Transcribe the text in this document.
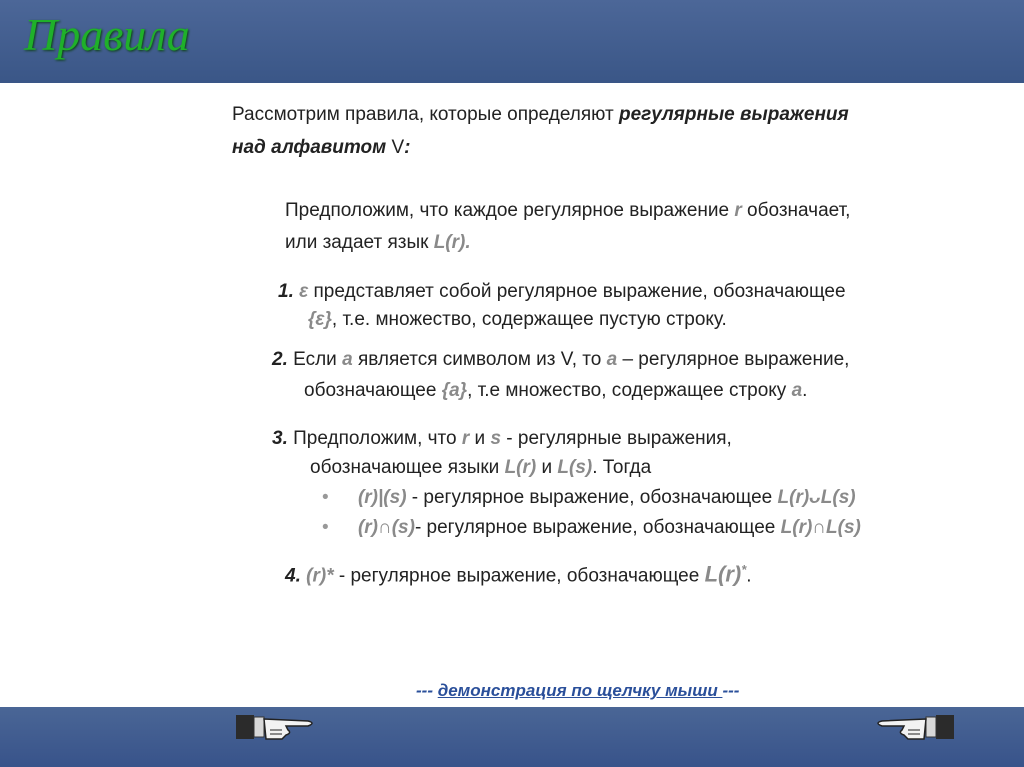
Правила
Рассмотрим правила, которые определяют регулярные выражения
над алфавитом V:
Предположим, что каждое регулярное выражение r обозначает,
или задает язык L(r).
1. ε представляет собой регулярное выражение, обозначающее
{ε}, т.е. множество, содержащее пустую строку.
2. Если a является символом из V, то a – регулярное выражение,
обозначающее {a}, т.е множество, содержащее строку a.
3. Предположим, что r и s - регулярные выражения,
обозначающее языки L(r) и L(s). Тогда
• (r)|(s) - регулярное выражение, обозначающее L(r)ᴗL(s)
• (r)∩(s)- регулярное выражение, обозначающее L(r)∩L(s)
4. (r)* - регулярное выражение, обозначающее L(r)*.
--- демонстрация по щелчку мыши ---
